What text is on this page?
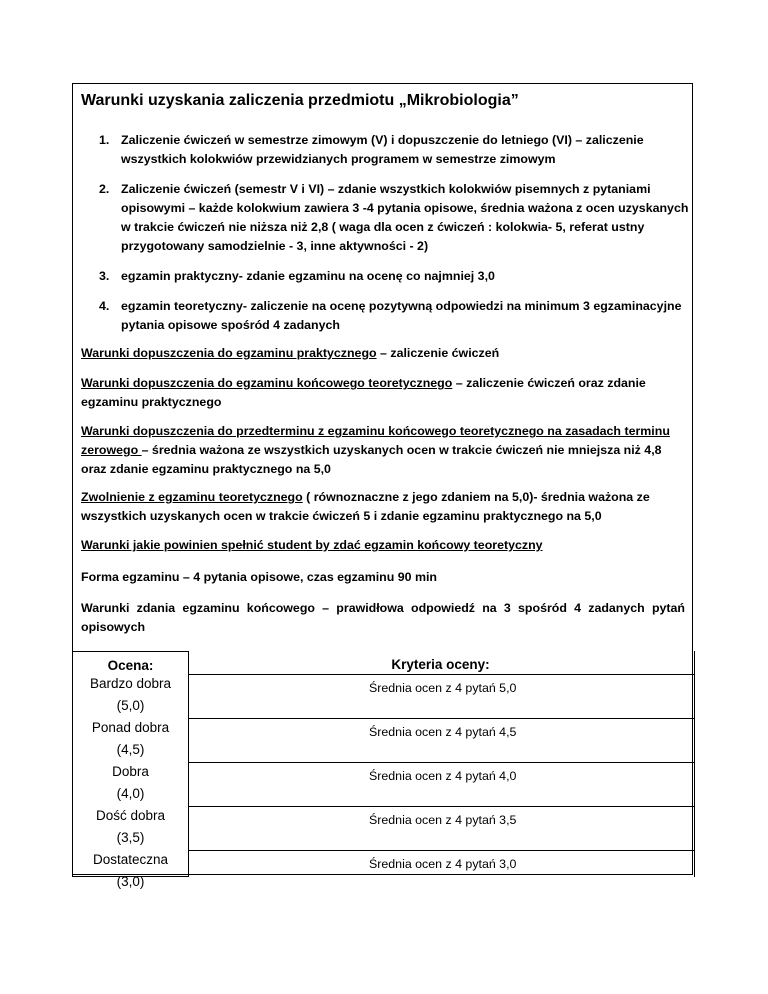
Warunki uzyskania zaliczenia przedmiotu „Mikrobiologia”
1. Zaliczenie ćwiczeń w semestrze zimowym (V) i dopuszczenie do letniego (VI) – zaliczenie wszystkich kolokwiów przewidzianych programem w semestrze zimowym
2. Zaliczenie ćwiczeń (semestr V i VI) – zdanie wszystkich kolokwiów pisemnych z pytaniami opisowymi – każde kolokwium zawiera 3 -4 pytania opisowe, średnia ważona z ocen uzyskanych w trakcie ćwiczeń nie niższa niż 2,8 ( waga dla ocen z ćwiczeń : kolokwia- 5, referat ustny przygotowany samodzielnie - 3, inne aktywności - 2)
3. egzamin praktyczny- zdanie egzaminu na ocenę co najmniej 3,0
4. egzamin teoretyczny- zaliczenie na ocenę pozytywną odpowiedzi na minimum 3 egzaminacyjne pytania opisowe spośród 4 zadanych
Warunki dopuszczenia do egzaminu praktycznego – zaliczenie ćwiczeń
Warunki dopuszczenia do egzaminu końcowego teoretycznego – zaliczenie ćwiczeń oraz zdanie egzaminu praktycznego
Warunki dopuszczenia do przedterminu z egzaminu końcowego teoretycznego na zasadach terminu zerowego – średnia ważona ze wszystkich uzyskanych ocen w trakcie ćwiczeń nie mniejsza niż 4,8 oraz zdanie egzaminu praktycznego na 5,0
Zwolnienie z egzaminu teoretycznego ( równoznaczne z jego zdaniem na 5,0)- średnia ważona ze wszystkich uzyskanych ocen w trakcie ćwiczeń 5 i zdanie egzaminu praktycznego na 5,0
Warunki jakie powinien spełnić student by zdać egzamin końcowy teoretyczny
Forma egzaminu – 4 pytania opisowe, czas egzaminu 90 min
Warunki zdania egzaminu końcowego – prawidłowa odpowiedź na 3 spośród 4 zadanych pytań opisowych
Ocena:
Bardzo dobra
(5,0)
Ponad dobra
(4,5)
Dobra
(4,0)
Dość dobra
(3,5)
Dostateczna
(3,0)
Kryteria oceny:
Średnia ocen z 4 pytań 5,0
Średnia ocen z 4 pytań 4,5
Średnia ocen z 4 pytań 4,0
Średnia ocen z 4 pytań 3,5
Średnia ocen z 4 pytań 3,0
